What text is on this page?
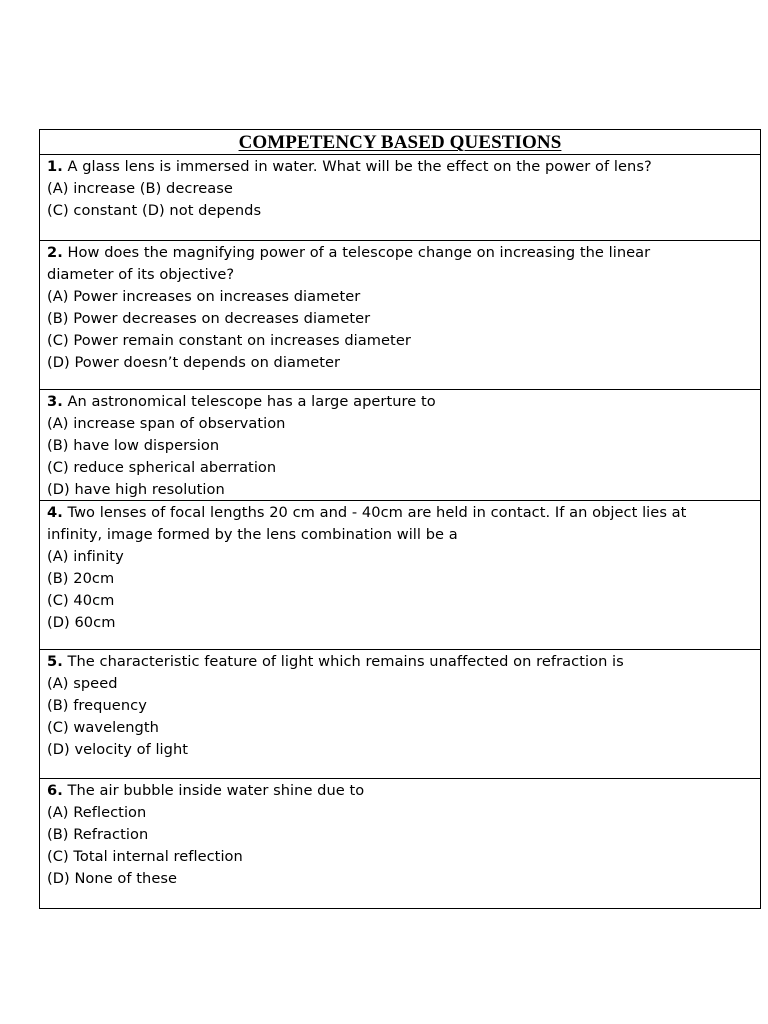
COMPETENCY BASED QUESTIONS
1. A glass lens is immersed in water. What will be the effect on the power of lens?
(A) increase (B) decrease
(C) constant (D) not depends
2. How does the magnifying power of a telescope change on increasing the linear
diameter of its objective?
(A) Power increases on increases diameter
(B) Power decreases on decreases diameter
(C) Power remain constant on increases diameter
(D) Power doesn’t depends on diameter
3. An astronomical telescope has a large aperture to
(A) increase span of observation
(B) have low dispersion
(C) reduce spherical aberration
(D) have high resolution
4. Two lenses of focal lengths 20 cm and - 40cm are held in contact. If an object lies at
infinity, image formed by the lens combination will be a
(A) infinity
(B) 20cm
(C) 40cm
(D) 60cm
5. The characteristic feature of light which remains unaffected on refraction is
(A) speed
(B) frequency
(C) wavelength
(D) velocity of light
6. The air bubble inside water shine due to
(A) Reflection
(B) Refraction
(C) Total internal reflection
(D) None of these
